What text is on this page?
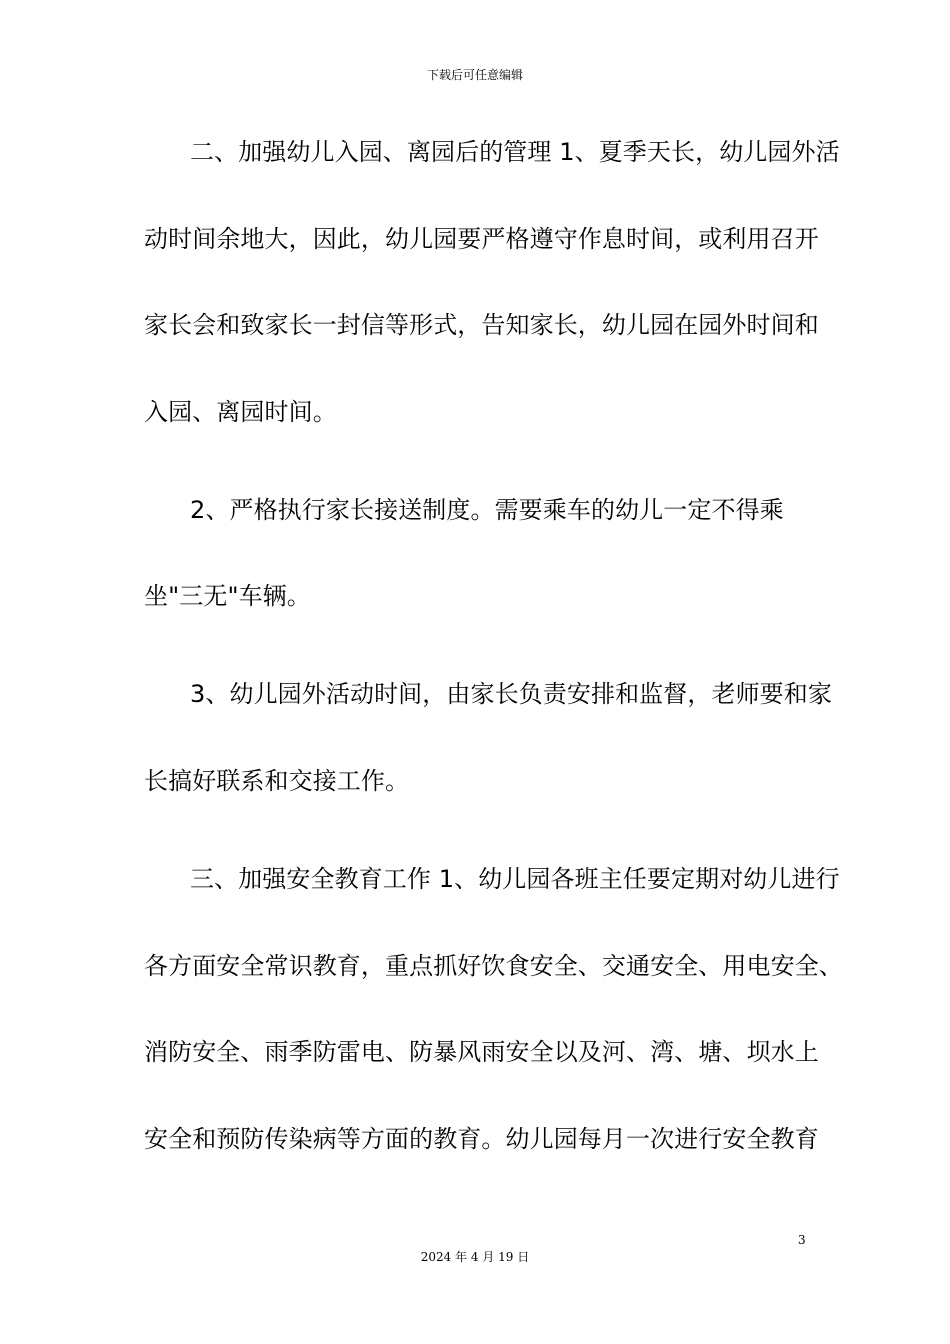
下载后可任意编辑
二、加强幼儿入园、离园后的管理 1、夏季天长，幼儿园外活
动时间余地大，因此，幼儿园要严格遵守作息时间，或利用召开
家长会和致家长一封信等形式，告知家长，幼儿园在园外时间和
入园、离园时间。
2、严格执行家长接送制度。需要乘车的幼儿一定不得乘
坐"三无"车辆。
3、幼儿园外活动时间，由家长负责安排和监督，老师要和家
长搞好联系和交接工作。
三、加强安全教育工作 1、幼儿园各班主任要定期对幼儿进行
各方面安全常识教育，重点抓好饮食安全、交通安全、用电安全、
消防安全、雨季防雷电、防暴风雨安全以及河、湾、塘、坝水上
安全和预防传染病等方面的教育。幼儿园每月一次进行安全教育
3
2024 年 4 月 19 日
